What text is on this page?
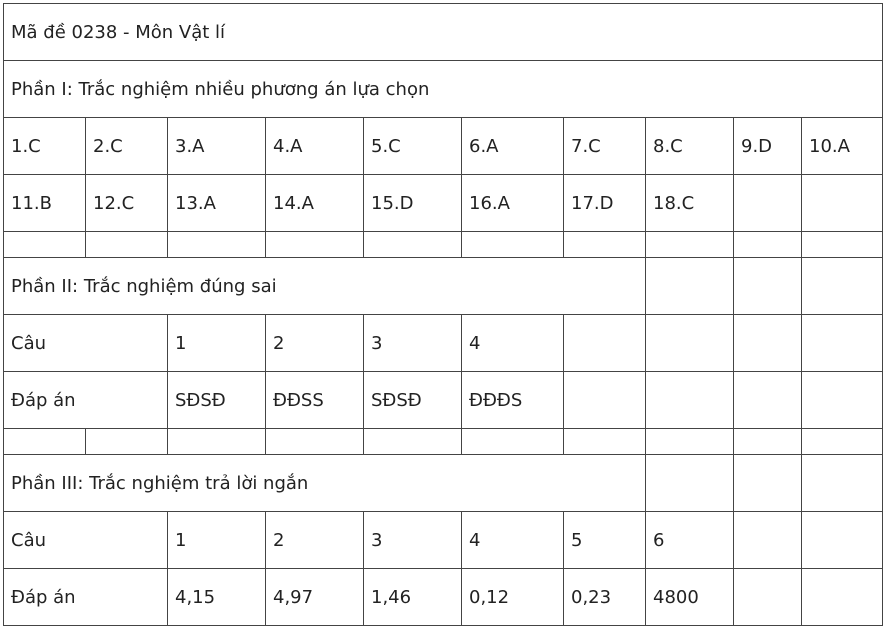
Mã đề 0238 - Môn Vật lí									
Phần I: Trắc nghiệm nhiều phương án lựa chọn									
1.C	2.C	3.A	4.A	5.C	6.A	7.C	8.C	9.D	10.A
11.B	12.C	13.A	14.A	15.D	16.A	17.D	18.C		

Phần II: Trắc nghiệm đúng sai									
Câu		1	2	3	4				
Đáp án		SĐSĐ	ĐĐSS	SĐSĐ	ĐĐĐS				

Phần III: Trắc nghiệm trả lời ngắn									
Câu		1	2	3	4	5	6		
Đáp án		4,15	4,97	1,46	0,12	0,23	4800		
